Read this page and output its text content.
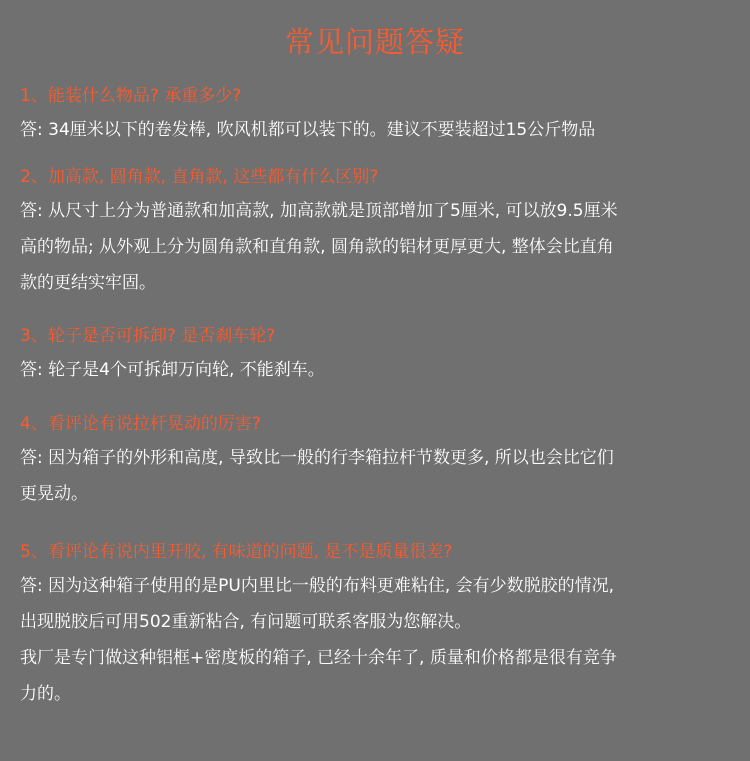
常见问题答疑
1、能装什么物品? 承重多少?
答: 34厘米以下的卷发棒, 吹风机都可以装下的。建议不要装超过15公斤物品
2、加高款, 圆角款, 直角款, 这些都有什么区别?
答: 从尺寸上分为普通款和加高款, 加高款就是顶部增加了5厘米, 可以放9.5厘米
高的物品; 从外观上分为圆角款和直角款, 圆角款的铝材更厚更大, 整体会比直角
款的更结实牢固。
3、轮子是否可拆卸? 是否刹车轮?
答: 轮子是4个可拆卸万向轮, 不能刹车。
4、看评论有说拉杆晃动的厉害?
答: 因为箱子的外形和高度, 导致比一般的行李箱拉杆节数更多, 所以也会比它们
更晃动。
5、看评论有说内里开胶, 有味道的问题, 是不是质量很差?
答: 因为这种箱子使用的是PU内里比一般的布料更难粘住, 会有少数脱胶的情况,
出现脱胶后可用502重新粘合, 有问题可联系客服为您解决。
我厂是专门做这种铝框+密度板的箱子, 已经十余年了, 质量和价格都是很有竞争
力的。
